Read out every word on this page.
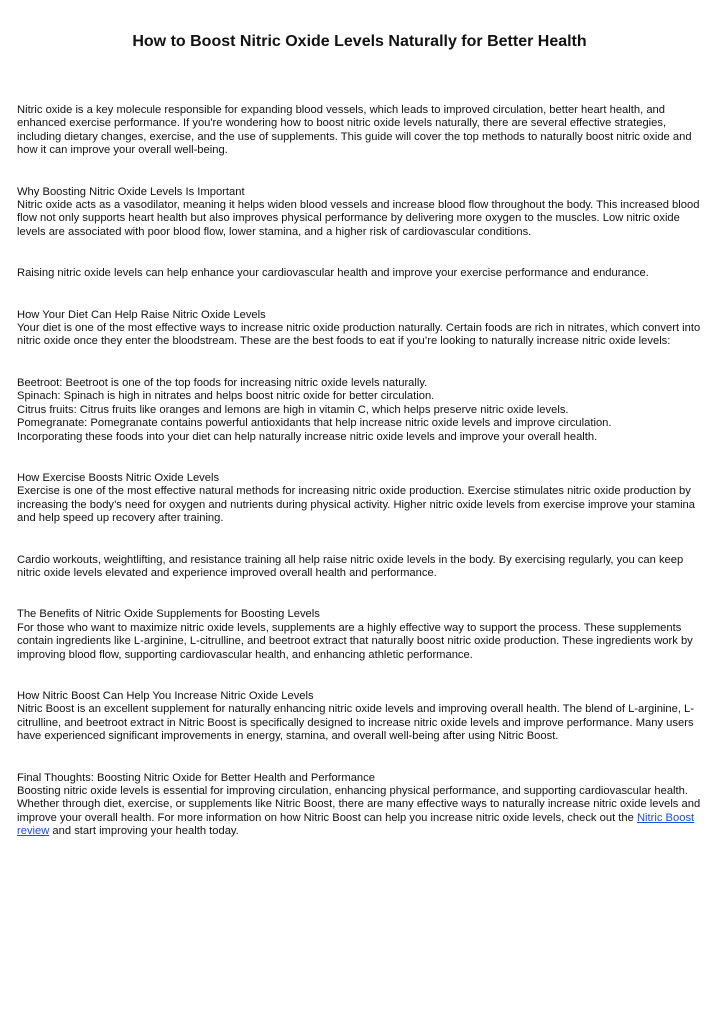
How to Boost Nitric Oxide Levels Naturally for Better Health

Nitric oxide is a key molecule responsible for expanding blood vessels, which leads to improved circulation, better heart health, and enhanced exercise performance. If you're wondering how to boost nitric oxide levels naturally, there are several effective strategies, including dietary changes, exercise, and the use of supplements. This guide will cover the top methods to naturally boost nitric oxide and how it can improve your overall well-being.

Why Boosting Nitric Oxide Levels Is Important

Nitric oxide acts as a vasodilator, meaning it helps widen blood vessels and increase blood flow throughout the body. This increased blood flow not only supports heart health but also improves physical performance by delivering more oxygen to the muscles. Low nitric oxide levels are associated with poor blood flow, lower stamina, and a higher risk of cardiovascular conditions.

Raising nitric oxide levels can help enhance your cardiovascular health and improve your exercise performance and endurance.

How Your Diet Can Help Raise Nitric Oxide Levels

Your diet is one of the most effective ways to increase nitric oxide production naturally. Certain foods are rich in nitrates, which convert into nitric oxide once they enter the bloodstream. These are the best foods to eat if you’re looking to naturally increase nitric oxide levels:

Beetroot: Beetroot is one of the top foods for increasing nitric oxide levels naturally.

Spinach: Spinach is high in nitrates and helps boost nitric oxide for better circulation.

Citrus fruits: Citrus fruits like oranges and lemons are high in vitamin C, which helps preserve nitric oxide levels.

Pomegranate: Pomegranate contains powerful antioxidants that help increase nitric oxide levels and improve circulation.

Incorporating these foods into your diet can help naturally increase nitric oxide levels and improve your overall health.

How Exercise Boosts Nitric Oxide Levels

Exercise is one of the most effective natural methods for increasing nitric oxide production. Exercise stimulates nitric oxide production by increasing the body’s need for oxygen and nutrients during physical activity. Higher nitric oxide levels from exercise improve your stamina and help speed up recovery after training.

Cardio workouts, weightlifting, and resistance training all help raise nitric oxide levels in the body. By exercising regularly, you can keep nitric oxide levels elevated and experience improved overall health and performance.

The Benefits of Nitric Oxide Supplements for Boosting Levels

For those who want to maximize nitric oxide levels, supplements are a highly effective way to support the process. These supplements contain ingredients like L-arginine, L-citrulline, and beetroot extract that naturally boost nitric oxide production. These ingredients work by improving blood flow, supporting cardiovascular health, and enhancing athletic performance.

How Nitric Boost Can Help You Increase Nitric Oxide Levels

Nitric Boost is an excellent supplement for naturally enhancing nitric oxide levels and improving overall health. The blend of L-arginine, L-citrulline, and beetroot extract in Nitric Boost is specifically designed to increase nitric oxide levels and improve performance. Many users have experienced significant improvements in energy, stamina, and overall well-being after using Nitric Boost.

Final Thoughts: Boosting Nitric Oxide for Better Health and Performance

Boosting nitric oxide levels is essential for improving circulation, enhancing physical performance, and supporting cardiovascular health. Whether through diet, exercise, or supplements like Nitric Boost, there are many effective ways to naturally increase nitric oxide levels and improve your overall health. For more information on how Nitric Boost can help you increase nitric oxide levels, check out the Nitric Boost review and start improving your health today.
